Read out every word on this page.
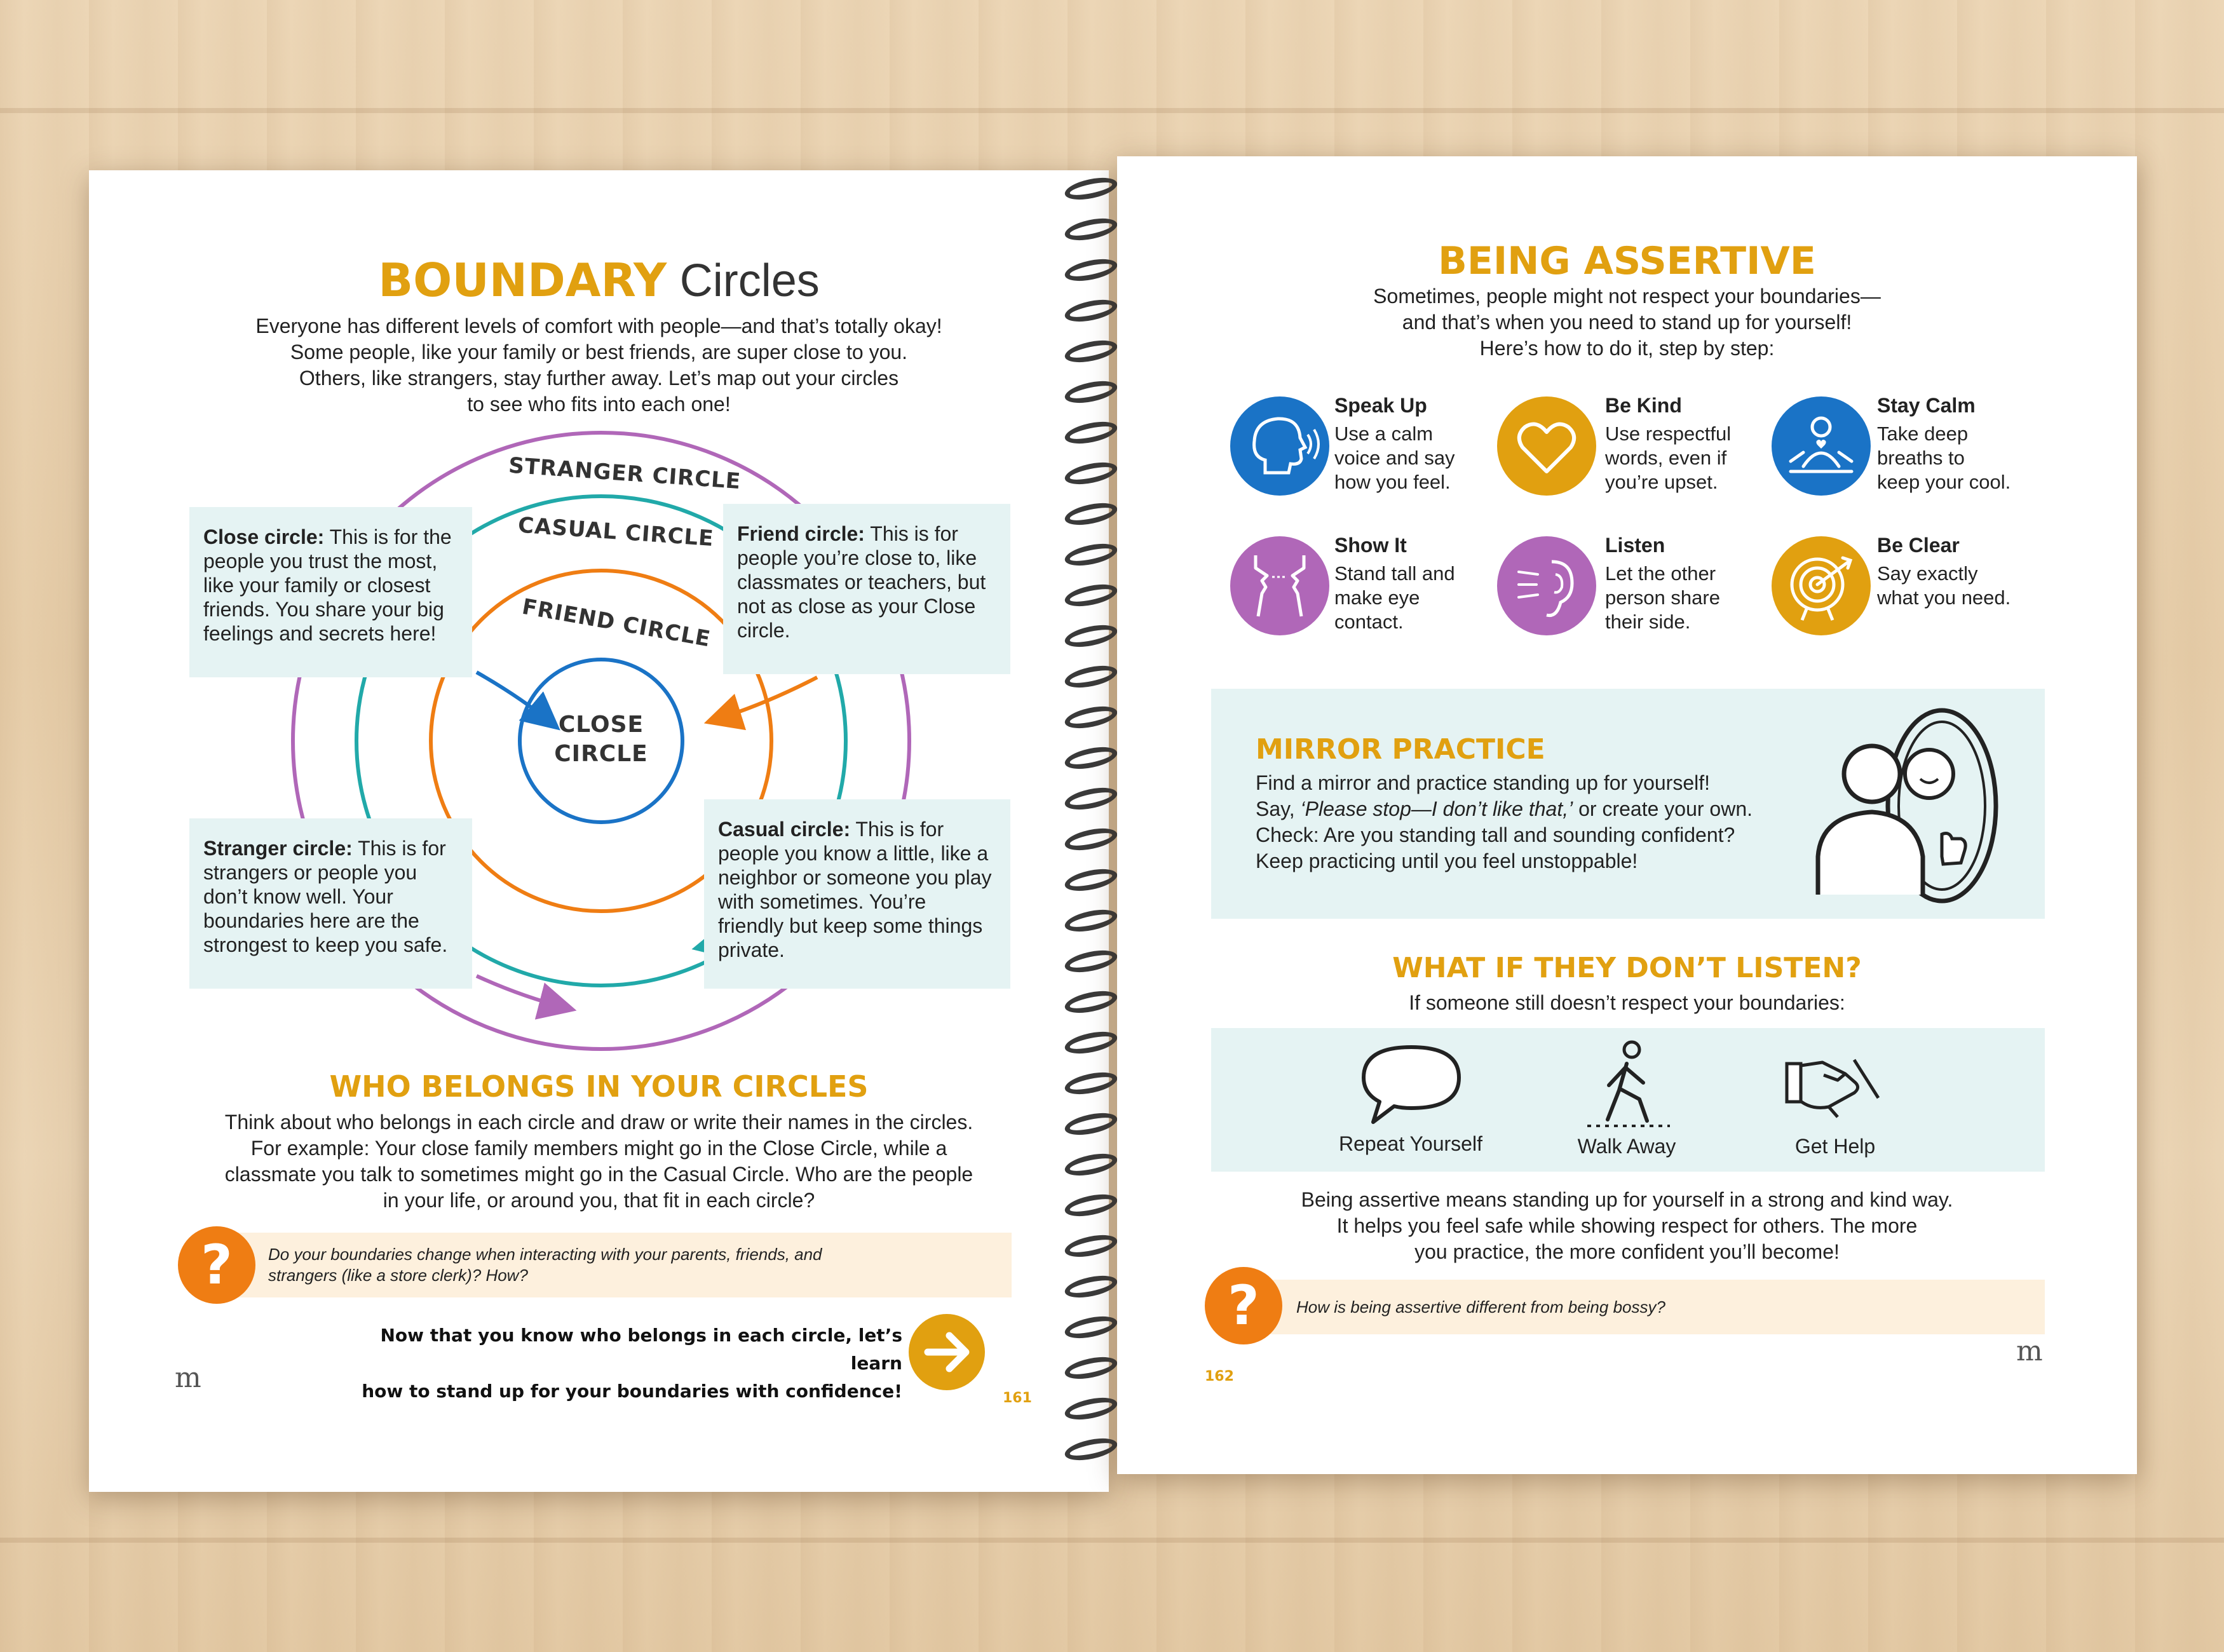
BOUNDARY Circles
Everyone has different levels of comfort with people—and that’s totally okay!
Some people, like your family or best friends, are super close to you.
Others, like strangers, stay further away. Let’s map out your circles
to see who fits into each one!
STRANGER CIRCLE
CASUAL CIRCLE
FRIEND CIRCLE
CLOSE
CIRCLE
Close circle: This is for the people you trust the most, like your family or closest friends. You share your big feelings and secrets here!
Friend circle: This is for people you’re close to, like classmates or teachers, but not as close as your Close circle.
Stranger circle: This is for strangers or people you don’t know well. Your boundaries here are the strongest to keep you safe.
Casual circle: This is for people you know a little, like a neighbor or someone you play with sometimes. You’re friendly but keep some things private.
WHO BELONGS IN YOUR CIRCLES
Think about who belongs in each circle and draw or write their names in the circles.
For example: Your close family members might go in the Close Circle, while a
classmate you talk to sometimes might go in the Casual Circle. Who are the people
in your life, or around you, that fit in each circle?
?	Do your boundaries change when interacting with your parents, friends, and
strangers (like a store clerk)? How?
Now that you know who belongs in each circle, let’s learn
how to stand up for your boundaries with confidence!
m
161
BEING ASSERTIVE
Sometimes, people might not respect your boundaries—
and that’s when you need to stand up for yourself!
Here’s how to do it, step by step:
Speak Up
Use a calm
voice and say
how you feel.
Be Kind
Use respectful
words, even if
you’re upset.
Stay Calm
Take deep
breaths to
keep your cool.
Show It
Stand tall and
make eye
contact.
Listen
Let the other
person share
their side.
Be Clear
Say exactly
what you need.
MIRROR PRACTICE
Find a mirror and practice standing up for yourself!
Say, ‘Please stop—I don’t like that,’ or create your own.
Check: Are you standing tall and sounding confident?
Keep practicing until you feel unstoppable!
WHAT IF THEY DON’T LISTEN?
If someone still doesn’t respect your boundaries:
Repeat Yourself	Walk Away	Get Help
Being assertive means standing up for yourself in a strong and kind way.
It helps you feel safe while showing respect for others. The more
you practice, the more confident you’ll become!
?	How is being assertive different from being bossy?
162
m
